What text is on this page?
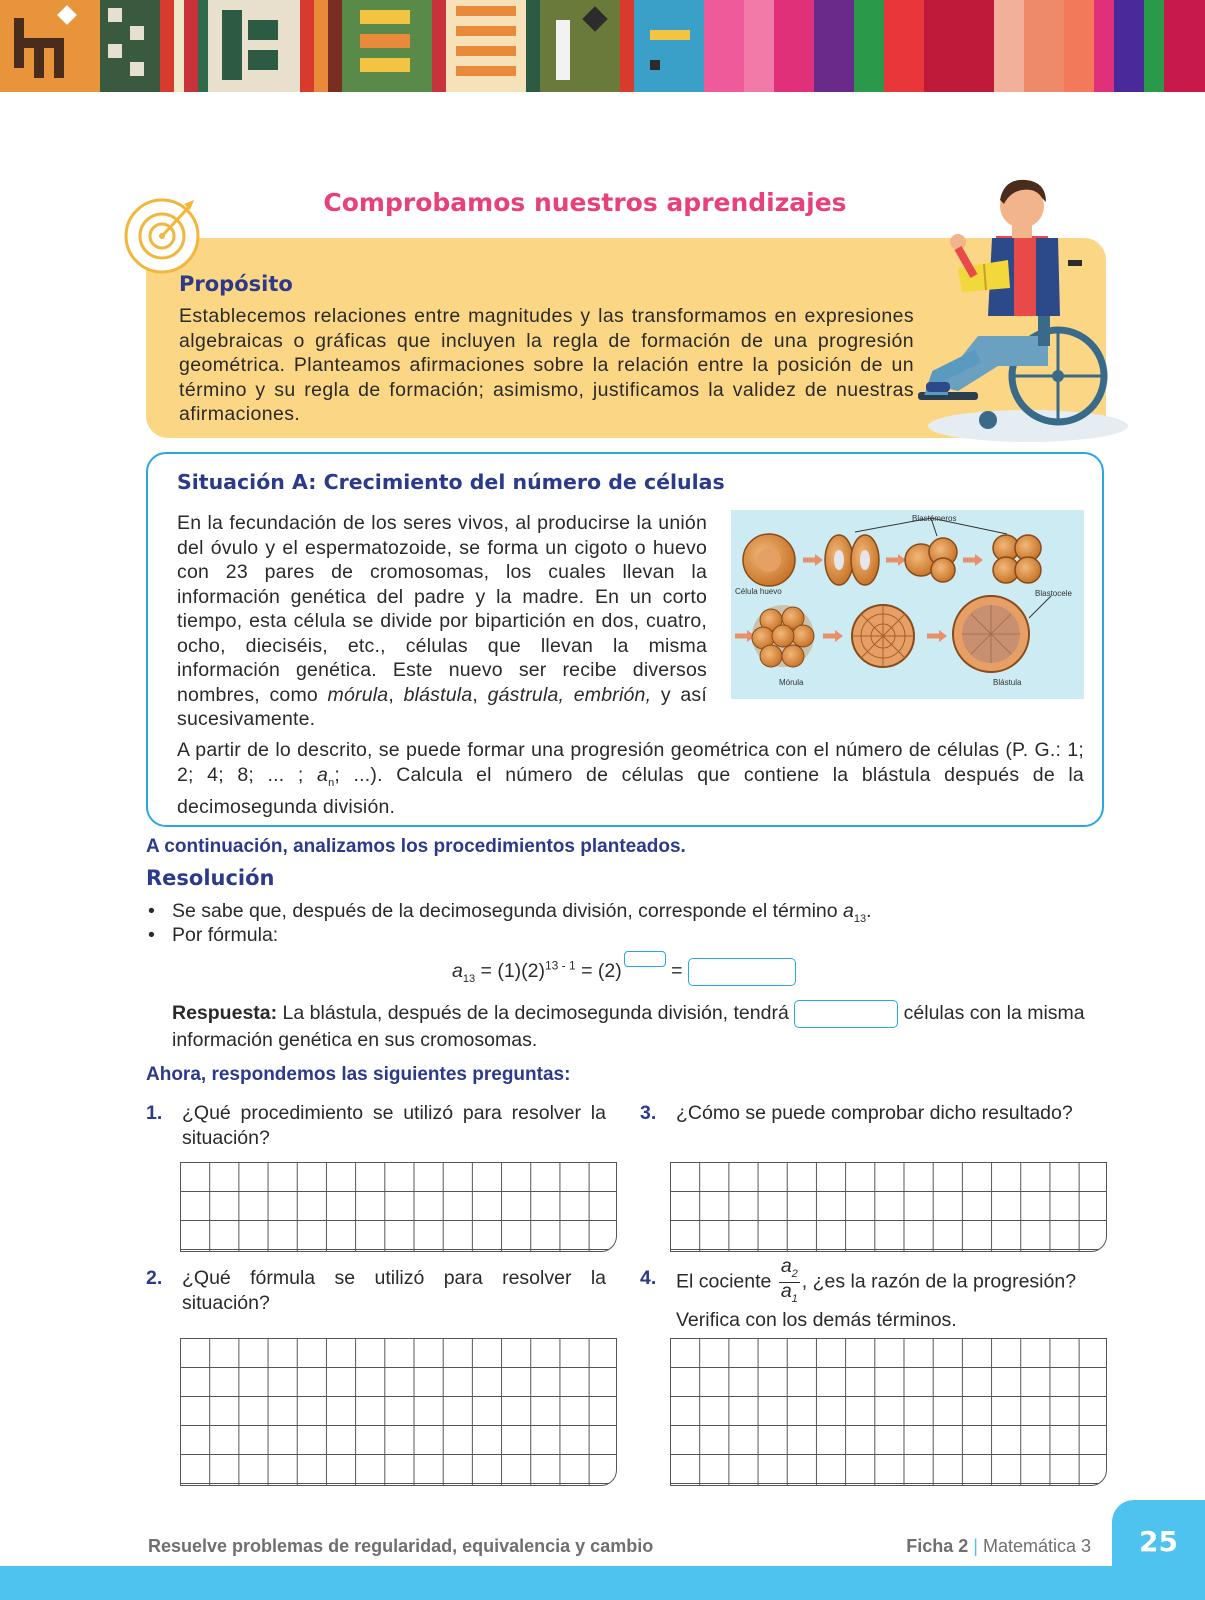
Comprobamos nuestros aprendizajes
Propósito
Establecemos relaciones entre magnitudes y las transformamos en expresiones algebraicas o gráficas que incluyen la regla de formación de una progresión geométrica. Planteamos afirmaciones sobre la relación entre la posición de un término y su regla de formación; asimismo, justificamos la validez de nuestras afirmaciones.
Situación A: Crecimiento del número de células
En la fecundación de los seres vivos, al producirse la unión del óvulo y el espermatozoide, se forma un cigoto o huevo con 23 pares de cromosomas, los cuales llevan la información genética del padre y la madre. En un corto tiempo, esta célula se divide por bipartición en dos, cuatro, ocho, dieciséis, etc., células que llevan la misma información genética. Este nuevo ser recibe diversos nombres, como mórula, blástula, gástrula, embrión, y así sucesivamente.
Blastómeros
Célula huevo	Blastocele
Mórula	Blástula
A partir de lo descrito, se puede formar una progresión geométrica con el número de células (P. G.: 1; 2; 4; 8; ... ; $a_n$; ...). Calcula el número de células que contiene la blástula después de la decimosegunda división.
A continuación, analizamos los procedimientos planteados.
Resolución
• Se sabe que, después de la decimosegunda división, corresponde el término $a_{13}$.
• Por fórmula:
$a_{13} = (1)(2)^{13 - 1} = (2)$ =
Respuesta: La blástula, después de la decimosegunda división, tendrá	células con la misma información genética en sus cromosomas.
Ahora, respondemos las siguientes preguntas:
1. ¿Qué procedimiento se utilizó para resolver la situación?
2. ¿Qué fórmula se utilizó para resolver la situación?
3. ¿Cómo se puede comprobar dicho resultado?
4. El cociente $\frac{a_2}{a_1}$ , ¿es la razón de la progresión?
Verifica con los demás términos.
25
Resuelve problemas de regularidad, equivalencia y cambio	Ficha 2 | Matemática 3
